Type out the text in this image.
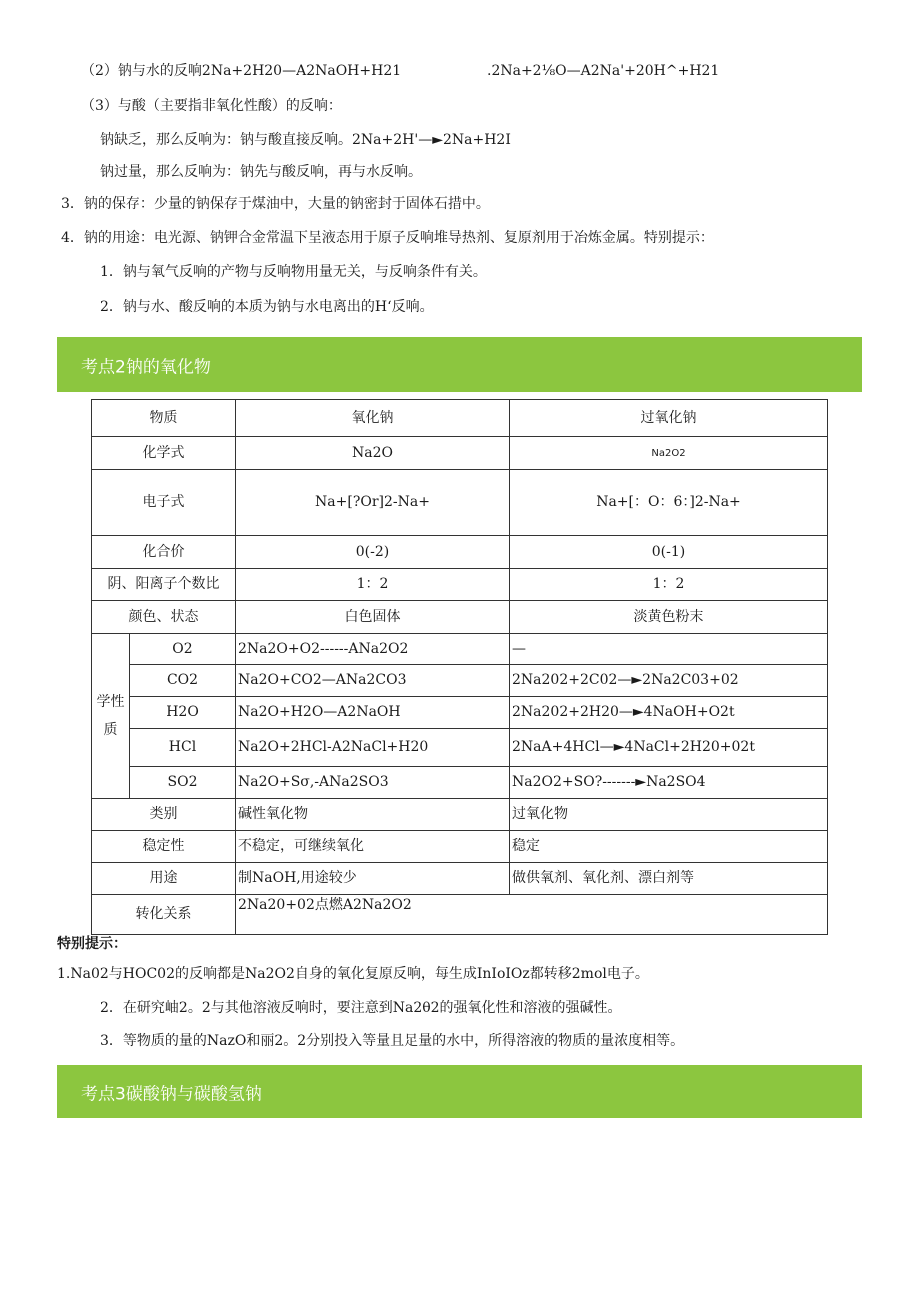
（2）钠与水的反响2Na+2H20—A2NaOH+H21	.2Na+2⅛O—A2Na'+20H^+H21
（3）与酸（主要指非氧化性酸）的反响：
钠缺乏，那么反响为：钠与酸直接反响。2Na+2H'—►2Na+H2I
钠过量，那么反响为：钠先与酸反响，再与水反响。
3．钠的保存：少量的钠保存于煤油中，大量的钠密封于固体石措中。
4．钠的用途：电光源、钠钾合金常温下呈液态用于原子反响堆导热剂、复原剂用于冶炼金属。特别提示：
1．钠与氧气反响的产物与反响物用量无关，与反响条件有关。
2．钠与水、酸反响的本质为钠与水电离出的H‘反响。
考点2钠的氧化物
物质		氧化钠	过氧化钠
化学式		Na2O	Na2O2
电子式		Na+[?Or]2-Na+	Na+[：O：6：]2-Na+
化合价		0(-2)	0(-1)
阴、阳离子个数比		1：2	1：2
颜色、状态		白色固体	淡黄色粉末

学性
质	O2	2Na2O+O2------ANa2O2	—
	CO2	Na2O+CO2—ANa2CO3	2Na202+2C02—►2Na2C03+02
	H2O	Na2O+H2O—A2NaOH	2Na202+2H20—►4NaOH+O2t
	HCl	Na2O+2HCl-A2NaCl+H20	2NaA+4HCl—►4NaCl+2H20+02t
	SO2	Na2O+Sσ,-ANa2SO3	Na2O2+SO?-------►Na2SO4
类别		碱性氧化物	过氧化物
稳定性		不稳定，可继续氧化	稳定
用途		制NaOH,用途较少	做供氧剂、氧化剂、漂白剂等
转化关系		2Na20+02点燃A2Na2O2	
特别提示：
1.Na02与HOC02的反响都是Na2O2自身的氧化复原反响，每生成InIoIOz都转移2mol电子。
2．在研究岫2。2与其他溶液反响时，要注意到Na2θ2的强氧化性和溶液的强碱性。
3．等物质的量的NazO和丽2。2分别投入等量且足量的水中，所得溶液的物质的量浓度相等。
考点3碳酸钠与碳酸氢钠
